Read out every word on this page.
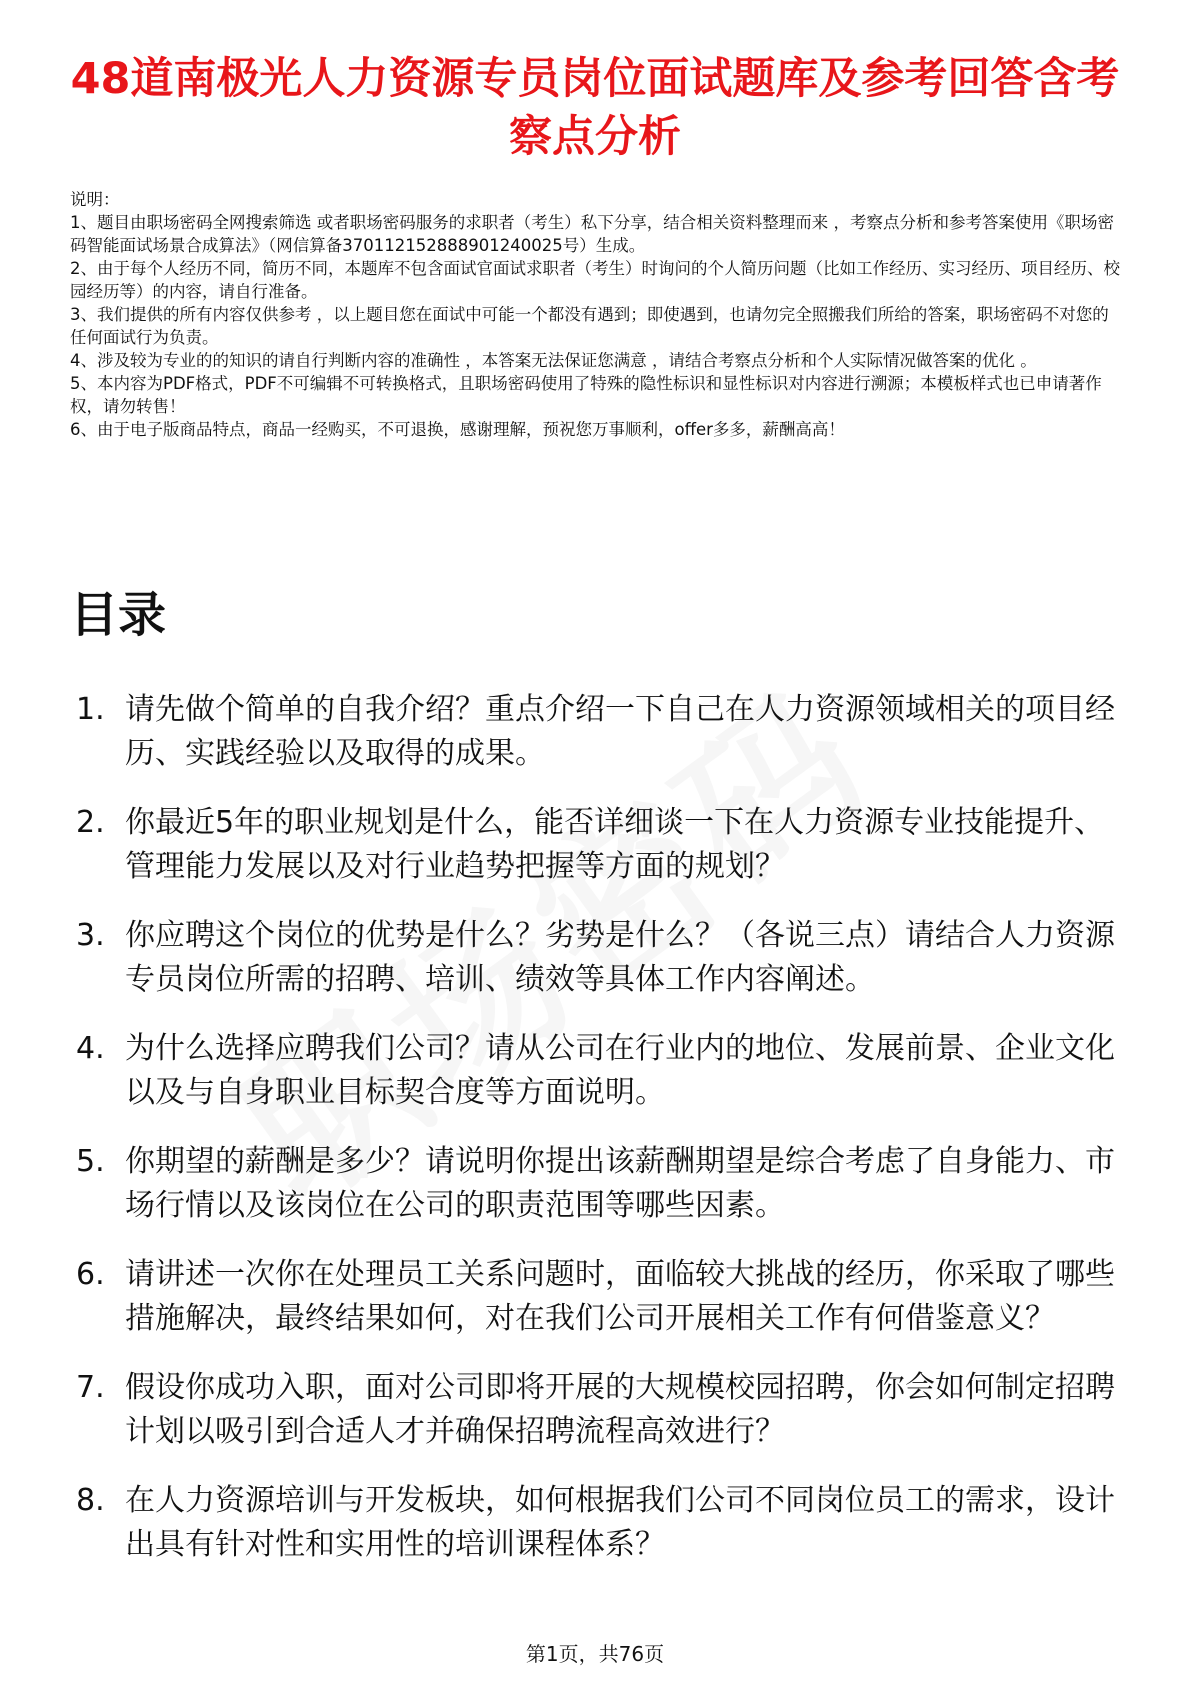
48道南极光人力资源专员岗位面试题库及参考回答含考察点分析

说明：

1、题目由职场密码全网搜索筛选 或者职场密码服务的求职者（考生）私下分享，结合相关资料整理而来 ，考察点分析和参考答案使用《职场密码智能面试场景合成算法》（网信算备370112152888901240025号）生成。

2、由于每个人经历不同，简历不同，本题库不包含面试官面试求职者（考生）时询问的个人简历问题（比如工作经历、实习经历、项目经历、校园经历等）的内容，请自行准备。

3、我们提供的所有内容仅供参考 ，以上题目您在面试中可能一个都没有遇到；即使遇到，也请勿完全照搬我们所给的答案，职场密码不对您的任何面试行为负责。

4、涉及较为专业的的知识的请自行判断内容的准确性 ，本答案无法保证您满意 ，请结合考察点分析和个人实际情况做答案的优化 。

5、本内容为PDF格式，PDF不可编辑不可转换格式，且职场密码使用了特殊的隐性标识和显性标识对内容进行溯源；本模板样式也已申请著作权，请勿转售！

6、由于电子版商品特点，商品一经购买，不可退换，感谢理解，预祝您万事顺利，offer多多，薪酬高高！

目录
1. 请先做个简单的自我介绍？重点介绍一下自己在人力资源领域相关的项目经历、实践经验以及取得的成果。
2. 你最近5年的职业规划是什么，能否详细谈一下在人力资源专业技能提升、管理能力发展以及对行业趋势把握等方面的规划？
3. 你应聘这个岗位的优势是什么？劣势是什么？（各说三点）请结合人力资源专员岗位所需的招聘、培训、绩效等具体工作内容阐述。
4. 为什么选择应聘我们公司？请从公司在行业内的地位、发展前景、企业文化以及与自身职业目标契合度等方面说明。
5. 你期望的薪酬是多少？请说明你提出该薪酬期望是综合考虑了自身能力、市场行情以及该岗位在公司的职责范围等哪些因素。
6. 请讲述一次你在处理员工关系问题时，面临较大挑战的经历，你采取了哪些措施解决，最终结果如何，对在我们公司开展相关工作有何借鉴意义？
7. 假设你成功入职，面对公司即将开展的大规模校园招聘，你会如何制定招聘计划以吸引到合适人才并确保招聘流程高效进行？
8. 在人力资源培训与开发板块，如何根据我们公司不同岗位员工的需求，设计出具有针对性和实用性的培训课程体系？
第1页，共76页
